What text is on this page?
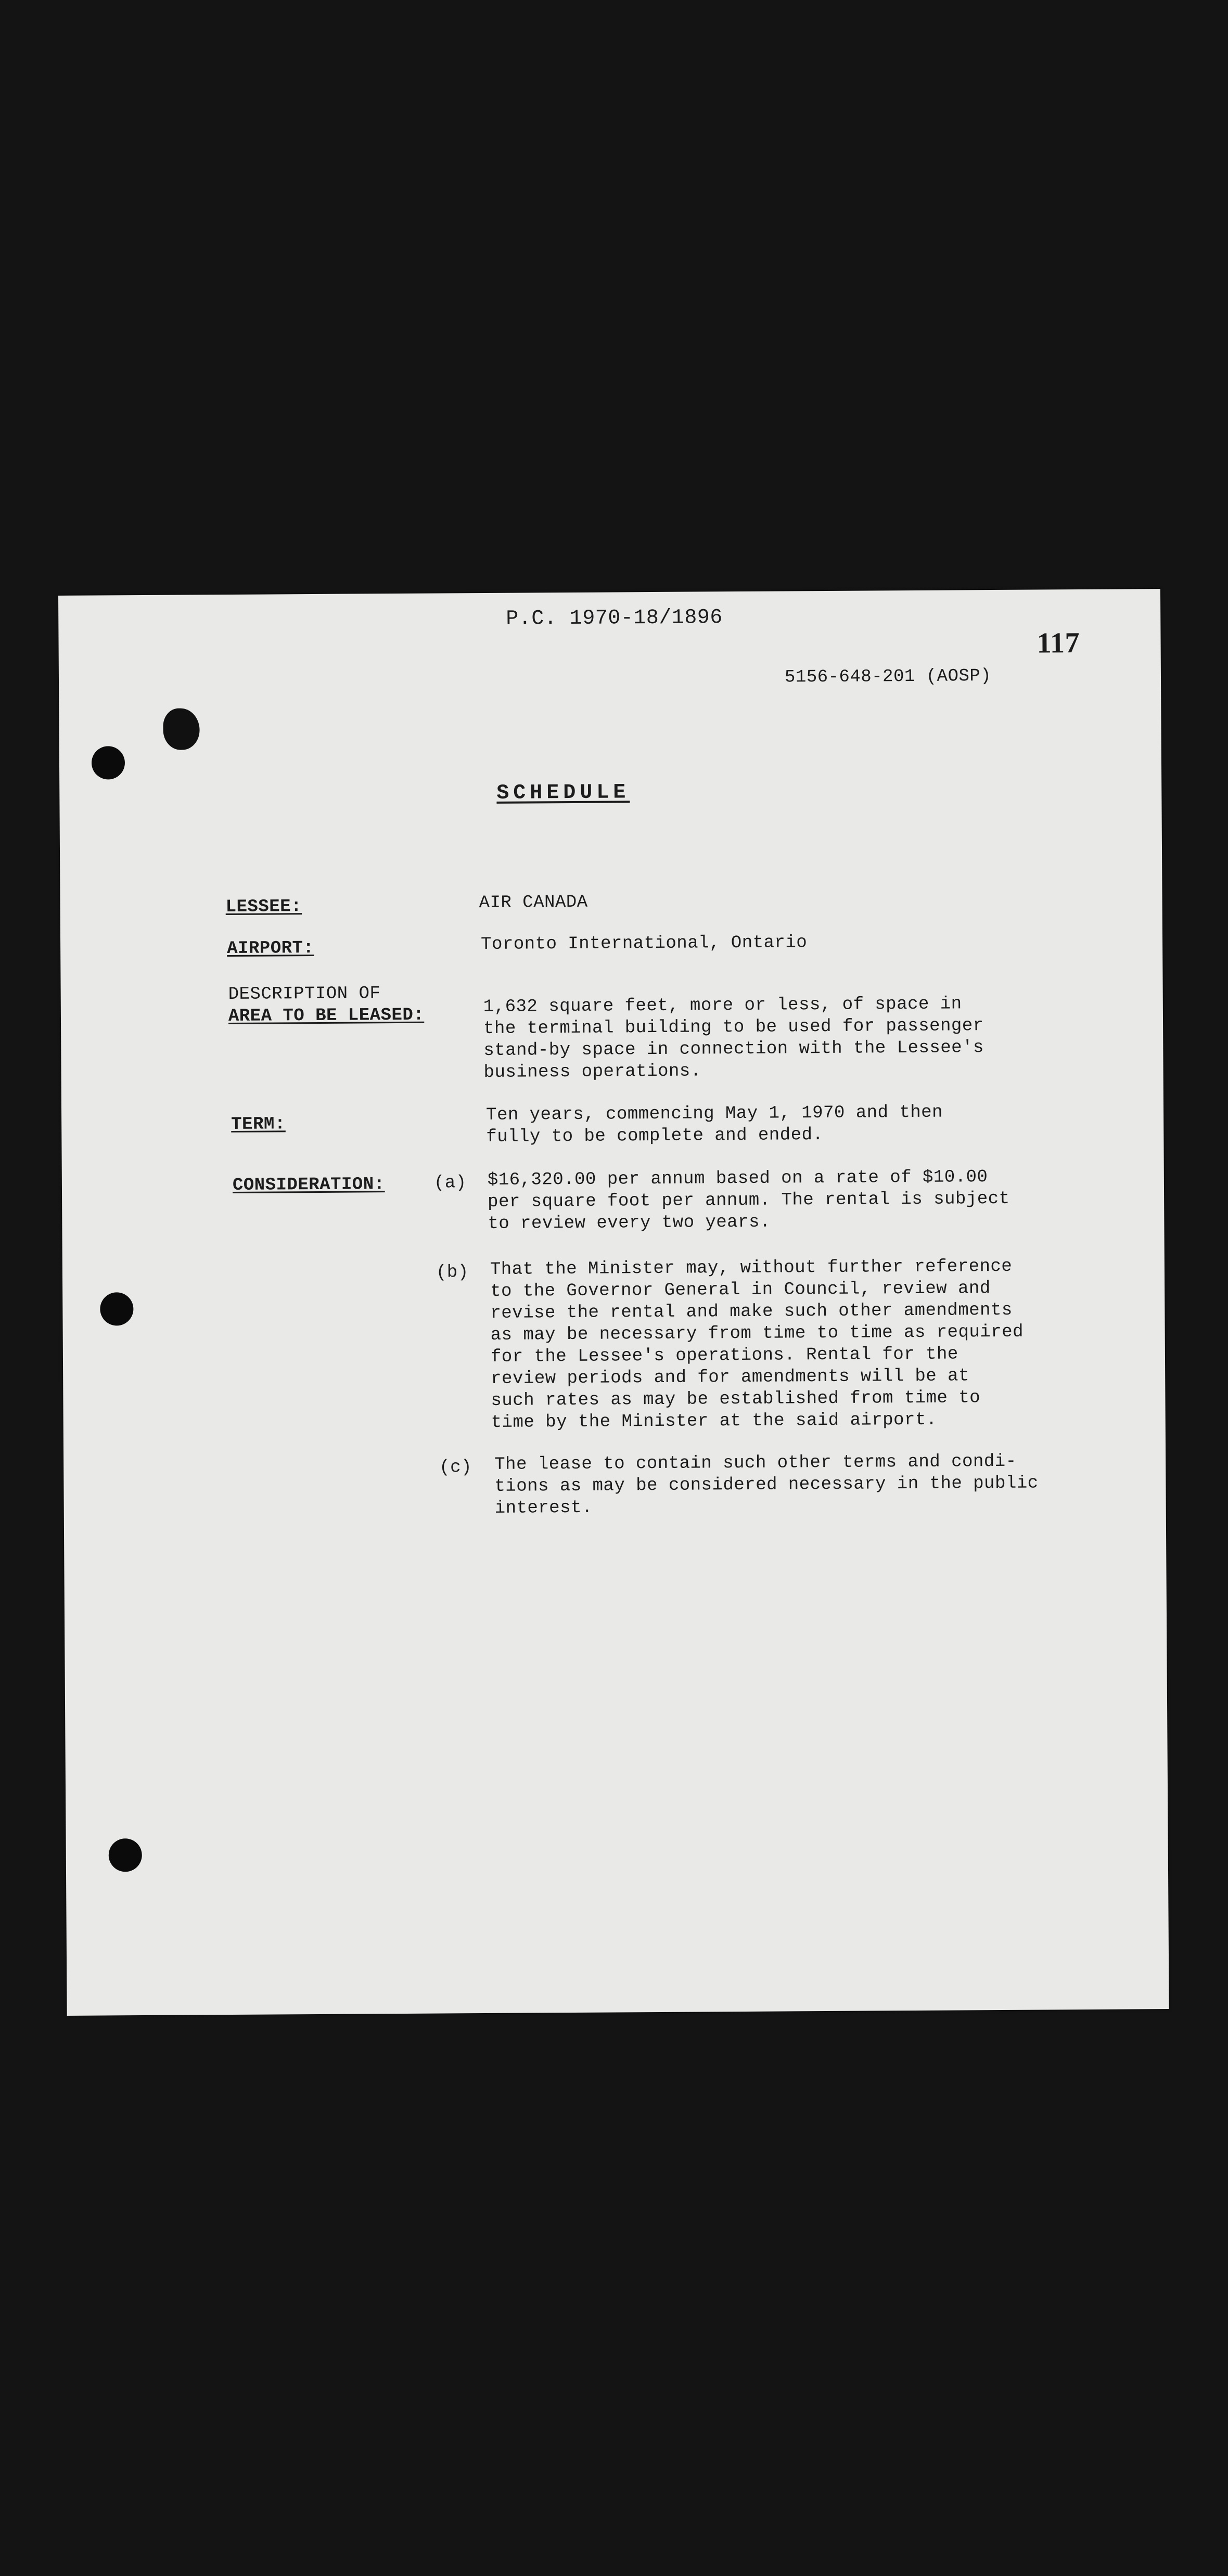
P.C. 1970-18/1896
117
5156-648-201 (AOSP)
SCHEDULE
LESSEE:	AIR CANADA
AIRPORT:	Toronto International, Ontario
DESCRIPTION OF
AREA TO BE LEASED:	1,632 square feet, more or less, of space in
the terminal building to be used for passenger
stand-by space in connection with the Lessee's
business operations.
TERM:	Ten years, commencing May 1, 1970 and then
fully to be complete and ended.
CONSIDERATION:	(a) $16,320.00 per annum based on a rate of $10.00
per square foot per annum. The rental is subject
to review every two years.
(b) That the Minister may, without further reference
to the Governor General in Council, review and
revise the rental and make such other amendments
as may be necessary from time to time as required
for the Lessee's operations. Rental for the
review periods and for amendments will be at
such rates as may be established from time to
time by the Minister at the said airport.
(c) The lease to contain such other terms and condi-
tions as may be considered necessary in the public
interest.
